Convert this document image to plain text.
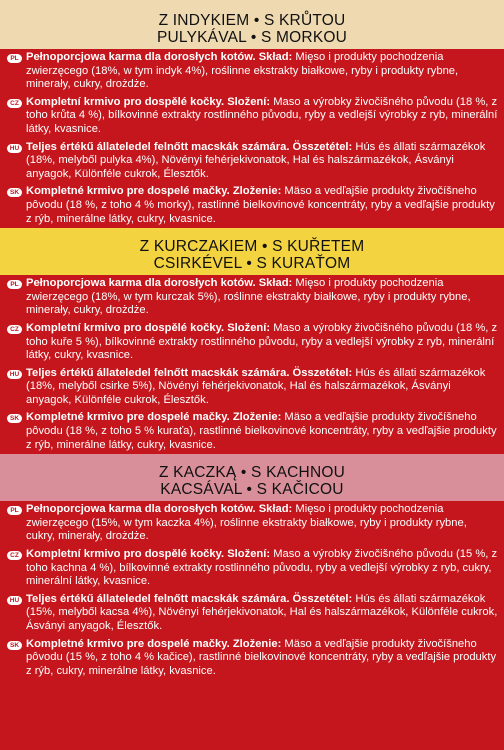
Z INDYKIEM • S KRŮTOU
PULYKÁVAL • S MORKOU
PL Pełnoporcjowa karma dla dorosłych kotów. Skład: Mięso i produkty pochodzenia zwierzęcego (18%, w tym indyk 4%), roślinne ekstrakty białkowe, ryby i produkty rybne, minerały, cukry, drożdże.
CZ Kompletní krmivo pro dospělé kočky. Složení: Maso a výrobky živočišného původu (18 %, z toho krůta 4 %), bílkovinné extrakty rostlinného původu, ryby a vedlejší výrobky z ryb, minerální látky, kvasnice.
HU Teljes értékű állateledel felnőtt macskák számára. Összetétel: Hús és állati származékok (18%, melyből pulyka 4%), Növényi fehérjekivonatok, Hal és halszármazékok, Ásványi anyagok, Különféle cukrok, Élesztők.
SK Kompletné krmivo pre dospelé mačky. Zloženie: Mäso a vedľajšie produkty živočíšneho pôvodu (18 %, z toho 4 % morky), rastlinné bielkovinové koncentráty, ryby a vedľajšie produkty z rýb, minerálne látky, cukry, kvasnice.
Z KURCZAKIEM • S KUŘETEM
CSIRKÉVEL • S KURAŤOM
PL Pełnoporcjowa karma dla dorosłych kotów. Skład: Mięso i produkty pochodzenia zwierzęcego (18%, w tym kurczak 5%), roślinne ekstrakty białkowe, ryby i produkty rybne, minerały, cukry, drożdże.
CZ Kompletní krmivo pro dospělé kočky. Složení: Maso a výrobky živočišného původu (18 %, z toho kuře 5 %), bílkovinné extrakty rostlinného původu, ryby a vedlejší výrobky z ryb, minerální látky, cukry, kvasnice.
HU Teljes értékű állateledel felnőtt macskák számára. Összetétel: Hús és állati származékok (18%, melyből csirke 5%), Növényi fehérjekivonatok, Hal és halszármazékok, Ásványi anyagok, Különféle cukrok, Élesztők.
SK Kompletné krmivo pre dospelé mačky. Zloženie: Mäso a vedľajšie produkty živočíšneho pôvodu (18 %, z toho 5 % kuraťa), rastlinné bielkovinové koncentráty, ryby a vedľajšie produkty z rýb, minerálne látky, cukry, kvasnice.
Z KACZKĄ • S KACHNOU
KACSÁVAL • S KAČICOU
PL Pełnoporcjowa karma dla dorosłych kotów. Skład: Mięso i produkty pochodzenia zwierzęcego (15%, w tym kaczka 4%), roślinne ekstrakty białkowe, ryby i produkty rybne, cukry, minerały, drożdże.
CZ Kompletní krmivo pro dospělé kočky. Složení: Maso a výrobky živočišného původu (15 %, z toho kachna 4 %), bílkovinné extrakty rostlinného původu, ryby a vedlejší výrobky z ryb, cukry, minerální látky, kvasnice.
HU Teljes értékű állateledel felnőtt macskák számára. Összetétel: Hús és állati származékok (15%, melyből kacsa 4%), Növényi fehérjekivonatok, Hal és halszármazékok, Különféle cukrok, Ásványi anyagok, Élesztők.
SK Kompletné krmivo pre dospelé mačky. Zloženie: Mäso a vedľajšie produkty živočíšneho pôvodu (15 %, z toho 4 % kačice), rastlinné bielkovinové koncentráty, ryby a vedľajšie produkty z rýb, cukry, minerálne látky, kvasnice.
